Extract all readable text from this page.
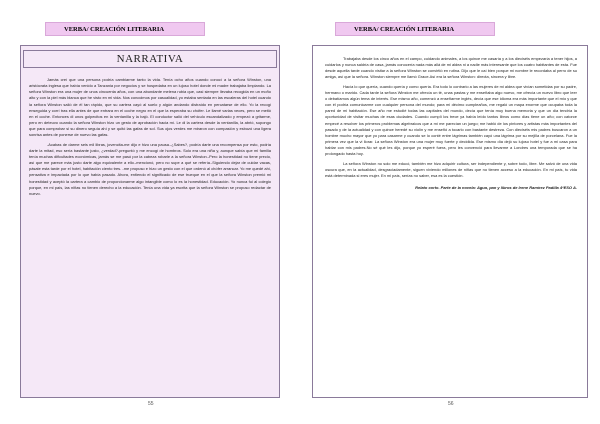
VERBA/ CREACIÓN LITERARIA
NARRATIVA

Jamás creí que una persona podría cambiarme tanto la vida. Tenía ocho años cuando conocí a la señora Winston, una aristócrata inglesa que había venido a Tanzania por negocios y se hospedaba en un lujoso hotel donde mi madre trabajaba limpiando. La señora Winston era una mujer de unos cincuenta años, con una abundante melena rubia que, casi siempre llevaba recogida en un moño alto y con la piel más blanca que he visto en mi vida. Nos conocimos por casualidad, yo estaba sentada en las escaleras del hotel cuando la señora Winston salió de él tan rápido, que su cartera cayó al suelo y algún andando distraído en percatarse de ello. Yo la recogí enseguida y corrí tras ella antes de que entrara en el coche negro en el que la esperaba su chófer. Le llamé varias veces, pero se metió en el coche. Entonces di unos golpecitos en la ventanilla y la bajó. El conductor salió del vehículo escandalizado y empezó a gritarme, pero en deteuvo cuando la señora Winston hizo un gesto de aprobación hacia mí. Le di la cartera desde la ventanilla, la abrió, supongo que para comprobar si su dinero seguía ahí y se quitó las gafas de sol. Sus ojos verdes me miraron con compasión y esbozó una ligera sonrisa antes de ponerse de nuevo las gafas.

-Acabas de darme seis mil libras, jovencita-me dijo e hizo una pausa.-¿Sabes?, podría darte una recompensa por esto, podría darte la mitad, eso sería bastante justo, ¿verdad?-preguntó y me encogí de hombros. Solo era una niña y, aunque sabía que mi familia tenía muchas dificultades económicas, jamás se me pasó por la cabeza robarle a la señora Winston.-Pero la honestidad no tiene precio, así que me parece más justo darte algo equivalente a ello.-mencionó, pero no supe a qué se refería.-Siguiendo dejar de cuidar vacas, pásate esta tarde por el hotel, habitación ciento tres. -me propuso e hizo un gesto con el que ordenó al chófer arrancar. Yo me quedé ahí, pensativa e impactada por lo que había pasado. Ahora, entiendo el significado de ese trueque en el que la señora Winston premió mi honestidad y aceptó la cartera a cambio de proporcionarme algo intangible como lo es la honestidad. Educación. Yo nunca fui al colegio porque, en mi país, las niñas no tienen derecho a la educación. Tenía una vida ya escrita que la señora Winston se propuso redactar de nuevo.

55
VERBA/ CREACIÓN LITERARIA

Trabajaba desde los cinco años en el campo, cuidando animales, a los quince me casaría y a los dieciséis empezaría a tener hijos, a cuidarlos y nunca saldría de casa, jamás conocería nada más allá de mi aldea ni a nadie más interesante que los cuatro habitantes de esta. Fue desde aquella tarde cuando visitar a la señora Winston se convirtió en rutina. Dijo que le caí bien porque mi nombre le recordaba al perro de su amiga, así que la señora. Winston siempre me llamó Grace.Así era la señora Winston: directa, sincera y libre.

Hacía lo que quería, cuando quería y como quería. Era todo lo contrario a las mujeres de mi aldea que vivían sometidas por su padre, hermano o marido. Cada tarde la señora Winston me ofrecía un té, unas pastas y me enseñaba algo nuevo, me ofrecía un nuevo libro que leer o debatíamos algún tema de interés. Ese mismo año, comenzó a enseñarme inglés, decía que ese idioma era más importante que el mío y que con él podría comunicarme con cualquier persona del mundo; para mi décimo cumpleaños, me regaló un mapa enorme que ocupaba toda la pared de mi habitación. Ese año me estudié todas las capitales del mundo, decía que tenía muy buena memoria y que un día tendría la oportunidad de visitar muchas de esas ciudades. Cuando cumplí los trece ya había leído tantos libros como días tiene un año; con catorce empecé a resolver los primeros problemas algebraicos que a mí me parecían un juego; me habló de los pintores y artistas más importantes del pasado y de la actualidad y con quince heredé su violín y me enseñó a tocarlo con bastante destreza. Con dieciséis mis padres buscaron a un hombre mucho mayor que yo para casarme y cuando se lo conté entre lágrimas también cayó una lágrima por su mejilla de porcelana. Fue la primera vez que la vi llorar. La señora Winston era una mujer muy fuerte y decidida. Ese mismo día dejó su lujoso hotel y fue a mi casa para hablar con mis padres.No sé qué les dijo, porque yo esperé fuera, pero les convenció para llevarme a Londres una temporada que se ha prolongado hasta hoy.

La señora Winston no solo me educó, también me hizo adquirir cultura, ser independiente y, sobre todo, libre. Me salvó de una vida oscura que, en la actualidad, desgraciadamente, siguen viviendo millones de niñas que no tienen acceso a la educación. En mi país, tu vida está determinada si eres mujer. En mi país, serías no saber, esa es la cuestión.

Relato corto. Parte de la novela: Agua, pan y libros de Irene Ramírez Padilla 4ºESO A.
56
